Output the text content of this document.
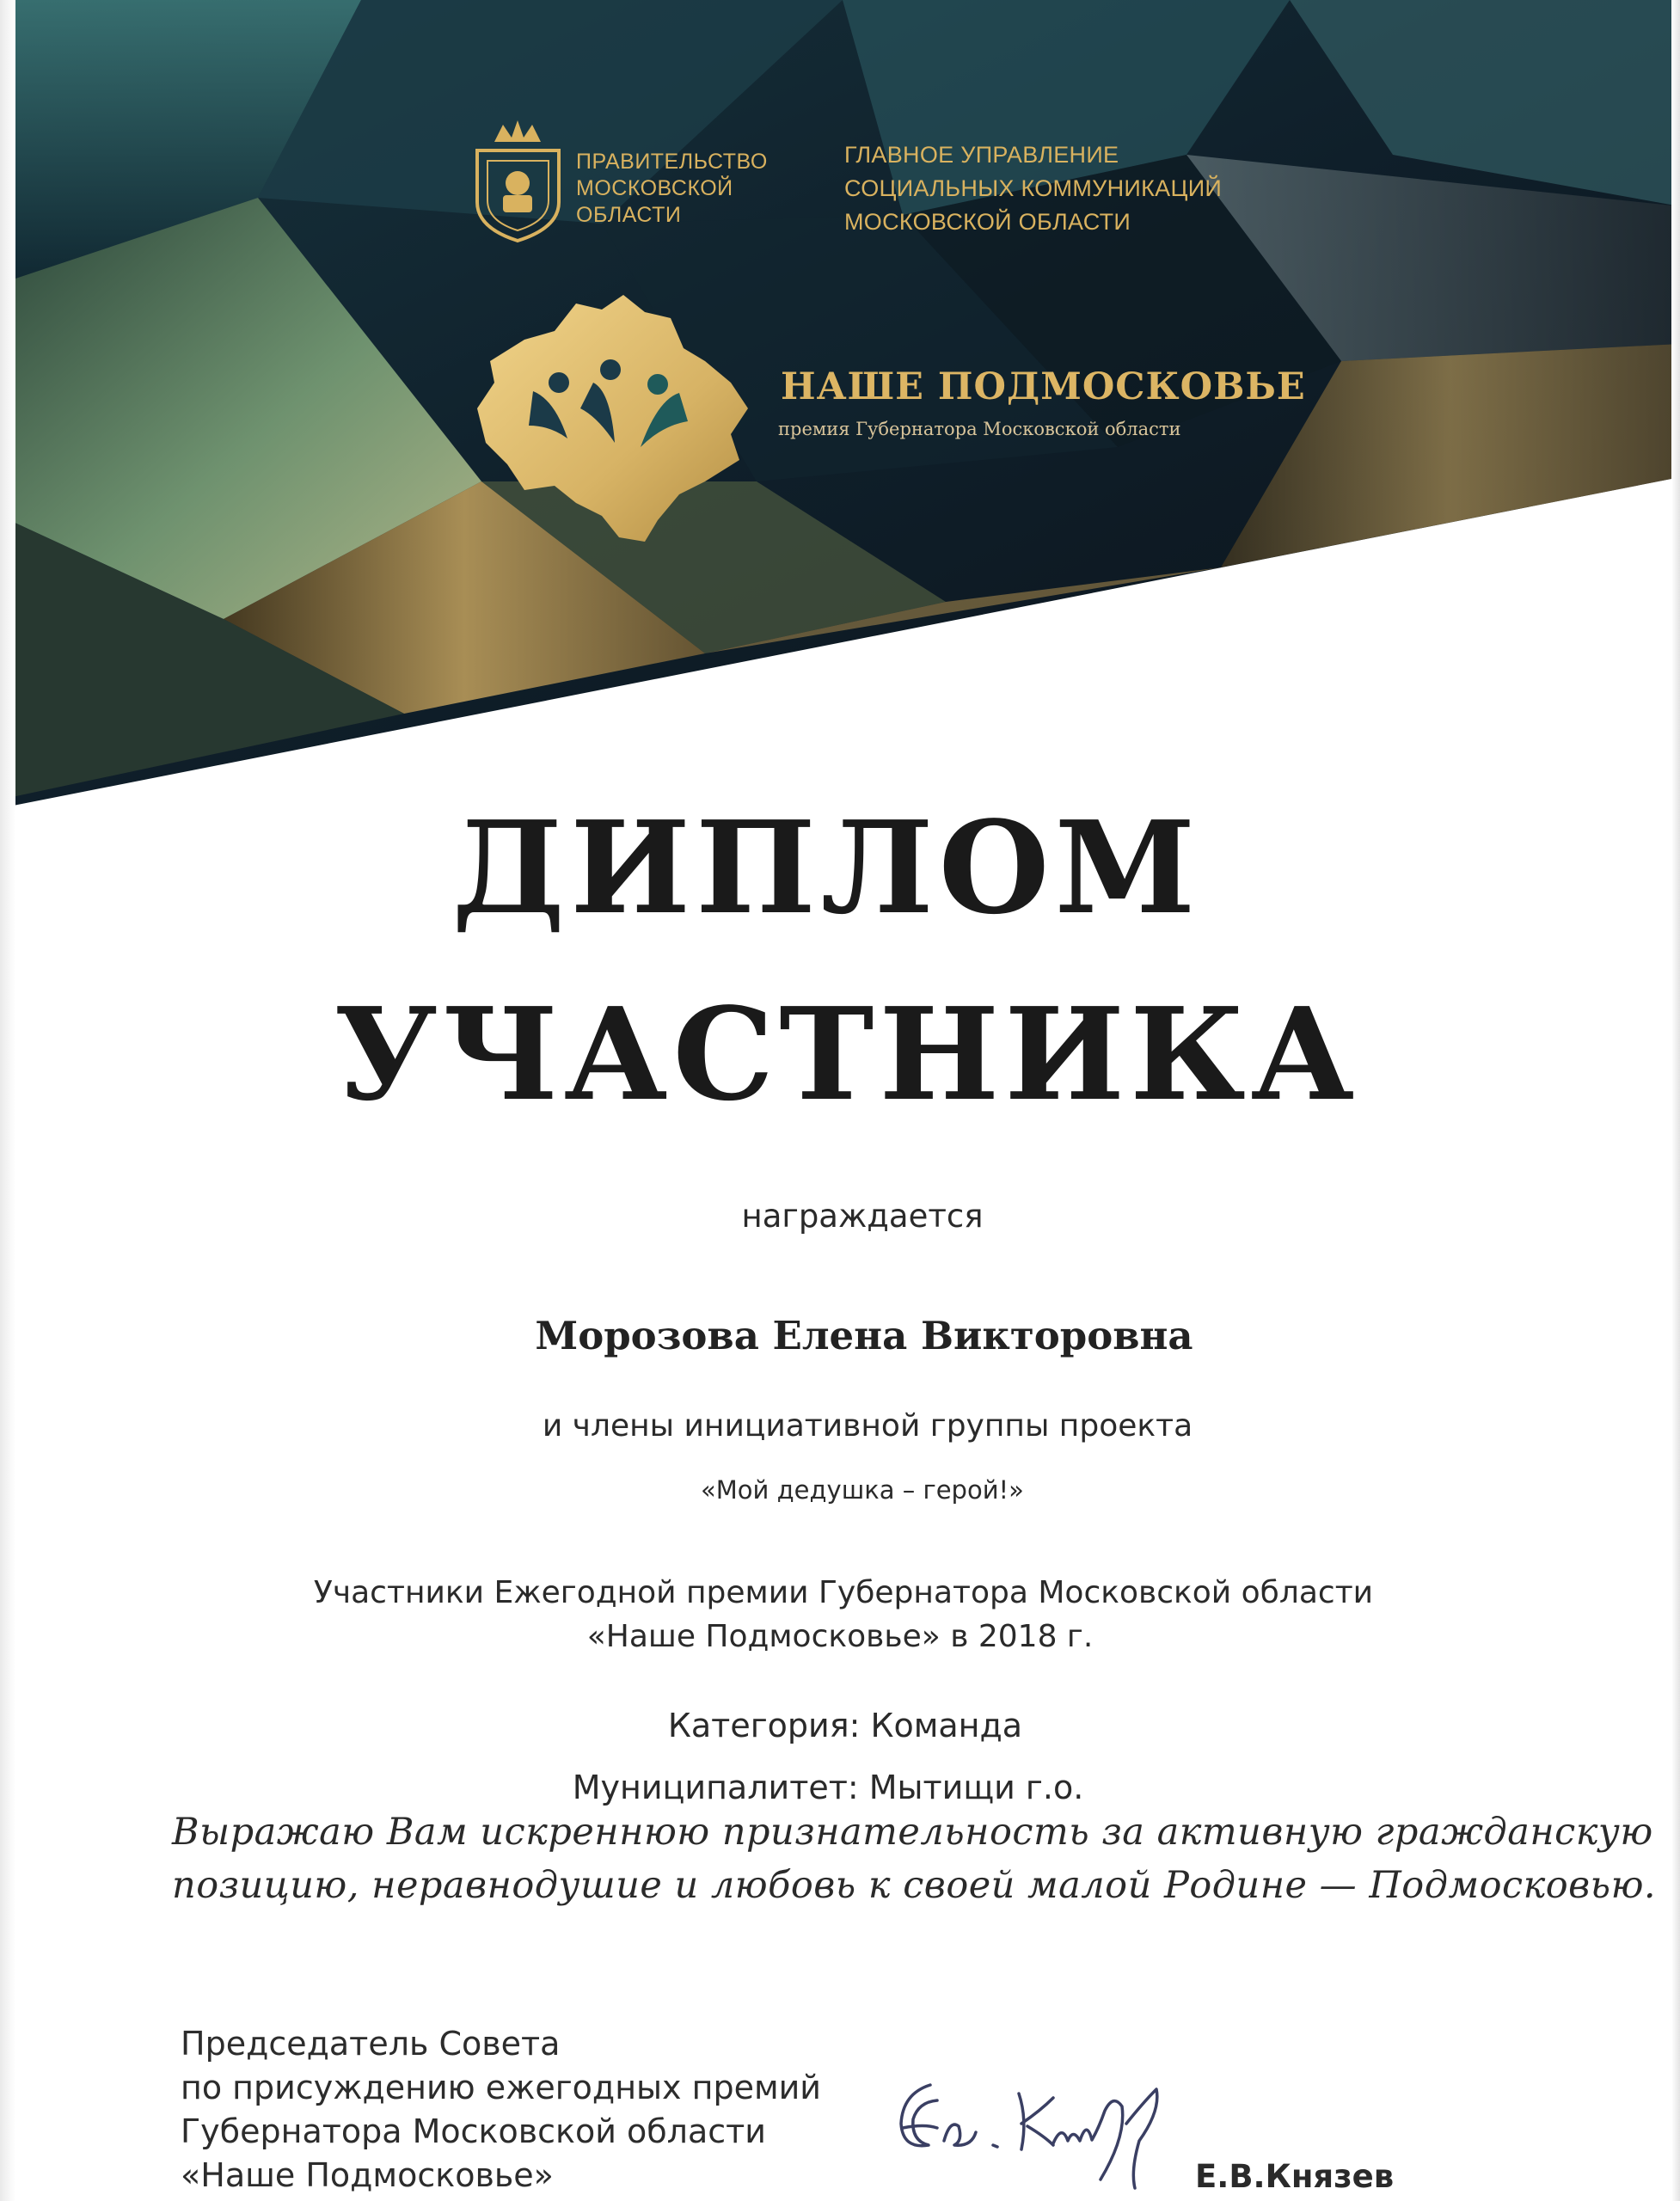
ПРАВИТЕЛЬСТВО
МОСКОВСКОЙ
ОБЛАСТИ
ГЛАВНОЕ УПРАВЛЕНИЕ
СОЦИАЛЬНЫХ КОММУНИКАЦИЙ
МОСКОВСКОЙ ОБЛАСТИ
НАШЕ ПОДМОСКОВЬЕ
премия Губернатора Московской области
ДИПЛОМ
УЧАСТНИКА
награждается
Морозова Елена Викторовна
и члены инициативной группы проекта
«Мой дедушка – герой!»
Участники Ежегодной премии Губернатора Московской области
«Наше Подмосковье» в 2018 г.
Категория: Команда
Муниципалитет: Мытищи г.о.
Выражаю Вам искреннюю признательность за активную гражданскую
позицию, неравнодушие и любовь к своей малой Родине — Подмосковью.
Председатель Совета
по присуждению ежегодных премий
Губернатора Московской области
«Наше Подмосковье»	Е.В.Князев
